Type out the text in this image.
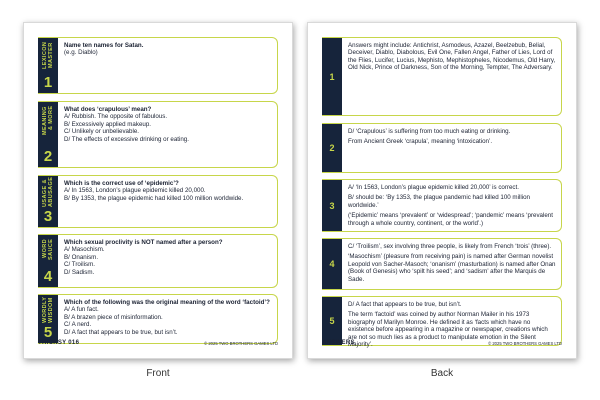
LEXICON
MASTER
1
Name ten names for Satan.
(e.g. Diablo)
MEANING
& MORE
2
What does ‘crapulous’ mean?
A/ Rubbish. The opposite of fabulous.
B/ Excessively applied makeup.
C/ Unlikely or unbelievable.
D/ The effects of excessive drinking or eating.
USAGE &
ABUSAGE
3
Which is the correct use of ‘epidemic’?
A/ In 1563, London’s plague epidemic killed 20,000.
B/ By 1353, the plague epidemic had killed 100 million worldwide.
WORD
SAUCE
4
Which sexual proclivity is NOT named after a person?
A/ Masochism.
B/ Onanism.
C/ Troilism.
D/ Sadism.
WORDLY
WISDOM
5
Which of the following was the original meaning of the word ‘factoid’?
A/ A fun fact.
B/ A brazen piece of misinformation.
C/ A nerd.
D/ A fact that appears to be true, but isn’t.
TRICKSY 016	© 2025 TWO BROTHERS GAMES LTD
1

Answers might include: Antichrist, Asmodeus, Azazel, Beelzebub, Belial, Deceiver, Diablo, Diabolous, Evil One, Fallen Angel, Father of Lies, Lord of the Flies, Lucifer, Lucius, Mephisto, Mephistopheles, Nicodemus, Old Harry, Old Nick, Prince of Darkness, Son of the Morning, Tempter, The Adversary.

2

D/ ‘Crapulous’ is suffering from too much eating or drinking.

From Ancient Greek ‘crapula’, meaning ‘intoxication’.

3

A/ ‘In 1563, London’s plague epidemic killed 20,000’ is correct.

B/ should be: ‘By 1353, the plague pandemic had killed 100 million worldwide.’

(‘Epidemic’ means ‘prevalent’ or ‘widespread’; ‘pandemic’ means ‘prevalent through a whole country, continent, or the world’.)

4

C/ ‘Troilism’, sex involving three people, is likely from French ‘trois’ (three).

‘Masochism’ (pleasure from receiving pain) is named after German novelist Leopold von Sacher-Masoch; ‘onanism’ (masturbation) is named after Onan (Book of Genesis) who ‘spilt his seed’; and ‘sadism’ after the Marquis de Sade.

5

D/ A fact that appears to be true, but isn’t.

The term ‘factoid’ was coined by author Norman Mailer in his 1973 biography of Marilyn Monroe. He defined it as ‘facts which have no existence before appearing in a magazine or newspaper, creations which are not so much lies as a product to manipulate emotion in the Silent Majority’.

ANSWERS	© 2025 TWO BROTHERS GAMES LTD
Front	Back
